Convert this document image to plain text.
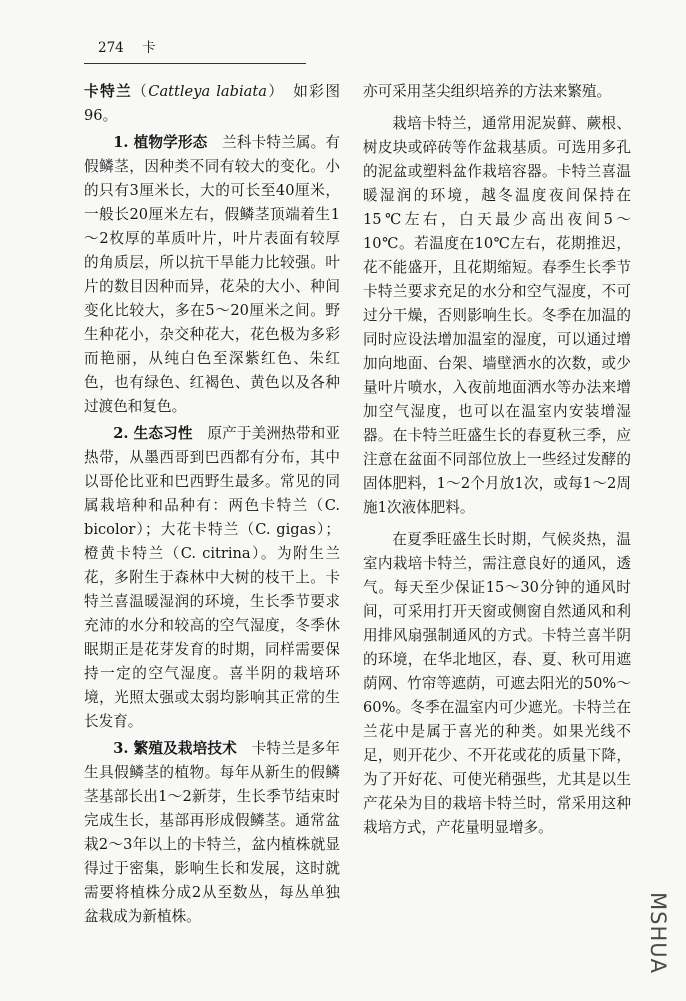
274 卡

卡特兰（Cattleya labiata）　如彩图96。

1. 植物学形态　兰科卡特兰属。有假鳞茎，因种类不同有较大的变化。小的只有3厘米长，大的可长至40厘米，一般长20厘米左右，假鳞茎顶端着生1～2枚厚的革质叶片，叶片表面有较厚的角质层，所以抗干旱能力比较强。叶片的数目因种而异，花朵的大小、种间变化比较大，多在5～20厘米之间。野生种花小，杂交种花大，花色极为多彩而艳丽，从纯白色至深紫红色、朱红色，也有绿色、红褐色、黄色以及各种过渡色和复色。

2. 生态习性　原产于美洲热带和亚热带，从墨西哥到巴西都有分布，其中以哥伦比亚和巴西野生最多。常见的同属栽培种和品种有：两色卡特兰（C. bicolor）；大花卡特兰（C. gigas）；橙黄卡特兰（C. citrina）。为附生兰花，多附生于森林中大树的枝干上。卡特兰喜温暖湿润的环境，生长季节要求充沛的水分和较高的空气湿度，冬季休眠期正是花芽发育的时期，同样需要保持一定的空气湿度。喜半阴的栽培环境，光照太强或太弱均影响其正常的生长发育。

3. 繁殖及栽培技术　卡特兰是多年生具假鳞茎的植物。每年从新生的假鳞茎基部长出1～2新芽，生长季节结束时完成生长，基部再形成假鳞茎。通常盆栽2～3年以上的卡特兰，盆内植株就显得过于密集，影响生长和发展，这时就需要将植株分成2从至数丛，每丛单独盆栽成为新植株。

亦可采用茎尖组织培养的方法来繁殖。

栽培卡特兰，通常用泥炭藓、蕨根、树皮块或碎砖等作盆栽基质。可选用多孔的泥盆或塑料盆作栽培容器。卡特兰喜温暖湿润的环境，越冬温度夜间保持在15℃左右，白天最少高出夜间5～10℃。若温度在10℃左右，花期推迟，花不能盛开，且花期缩短。春季生长季节卡特兰要求充足的水分和空气湿度，不可过分干燥，否则影响生长。冬季在加温的同时应设法增加温室的湿度，可以通过增加向地面、台架、墙壁洒水的次数，或少量叶片喷水，入夜前地面洒水等办法来增加空气湿度，也可以在温室内安装增湿器。在卡特兰旺盛生长的春夏秋三季，应注意在盆面不同部位放上一些经过发酵的固体肥料，1～2个月放1次，或每1～2周施1次液体肥料。

在夏季旺盛生长时期，气候炎热，温室内栽培卡特兰，需注意良好的通风，透气。每天至少保证15～30分钟的通风时间，可采用打开天窗或侧窗自然通风和利用排风扇强制通风的方式。卡特兰喜半阴的环境，在华北地区，春、夏、秋可用遮荫网、竹帘等遮荫，可遮去阳光的50%～60%。冬季在温室内可少遮光。卡特兰在兰花中是属于喜光的种类。如果光线不足，则开花少、不开花或花的质量下降，为了开好花、可使光稍强些，尤其是以生产花朵为目的栽培卡特兰时，常采用这种栽培方式，产花量明显增多。

MSHUA
